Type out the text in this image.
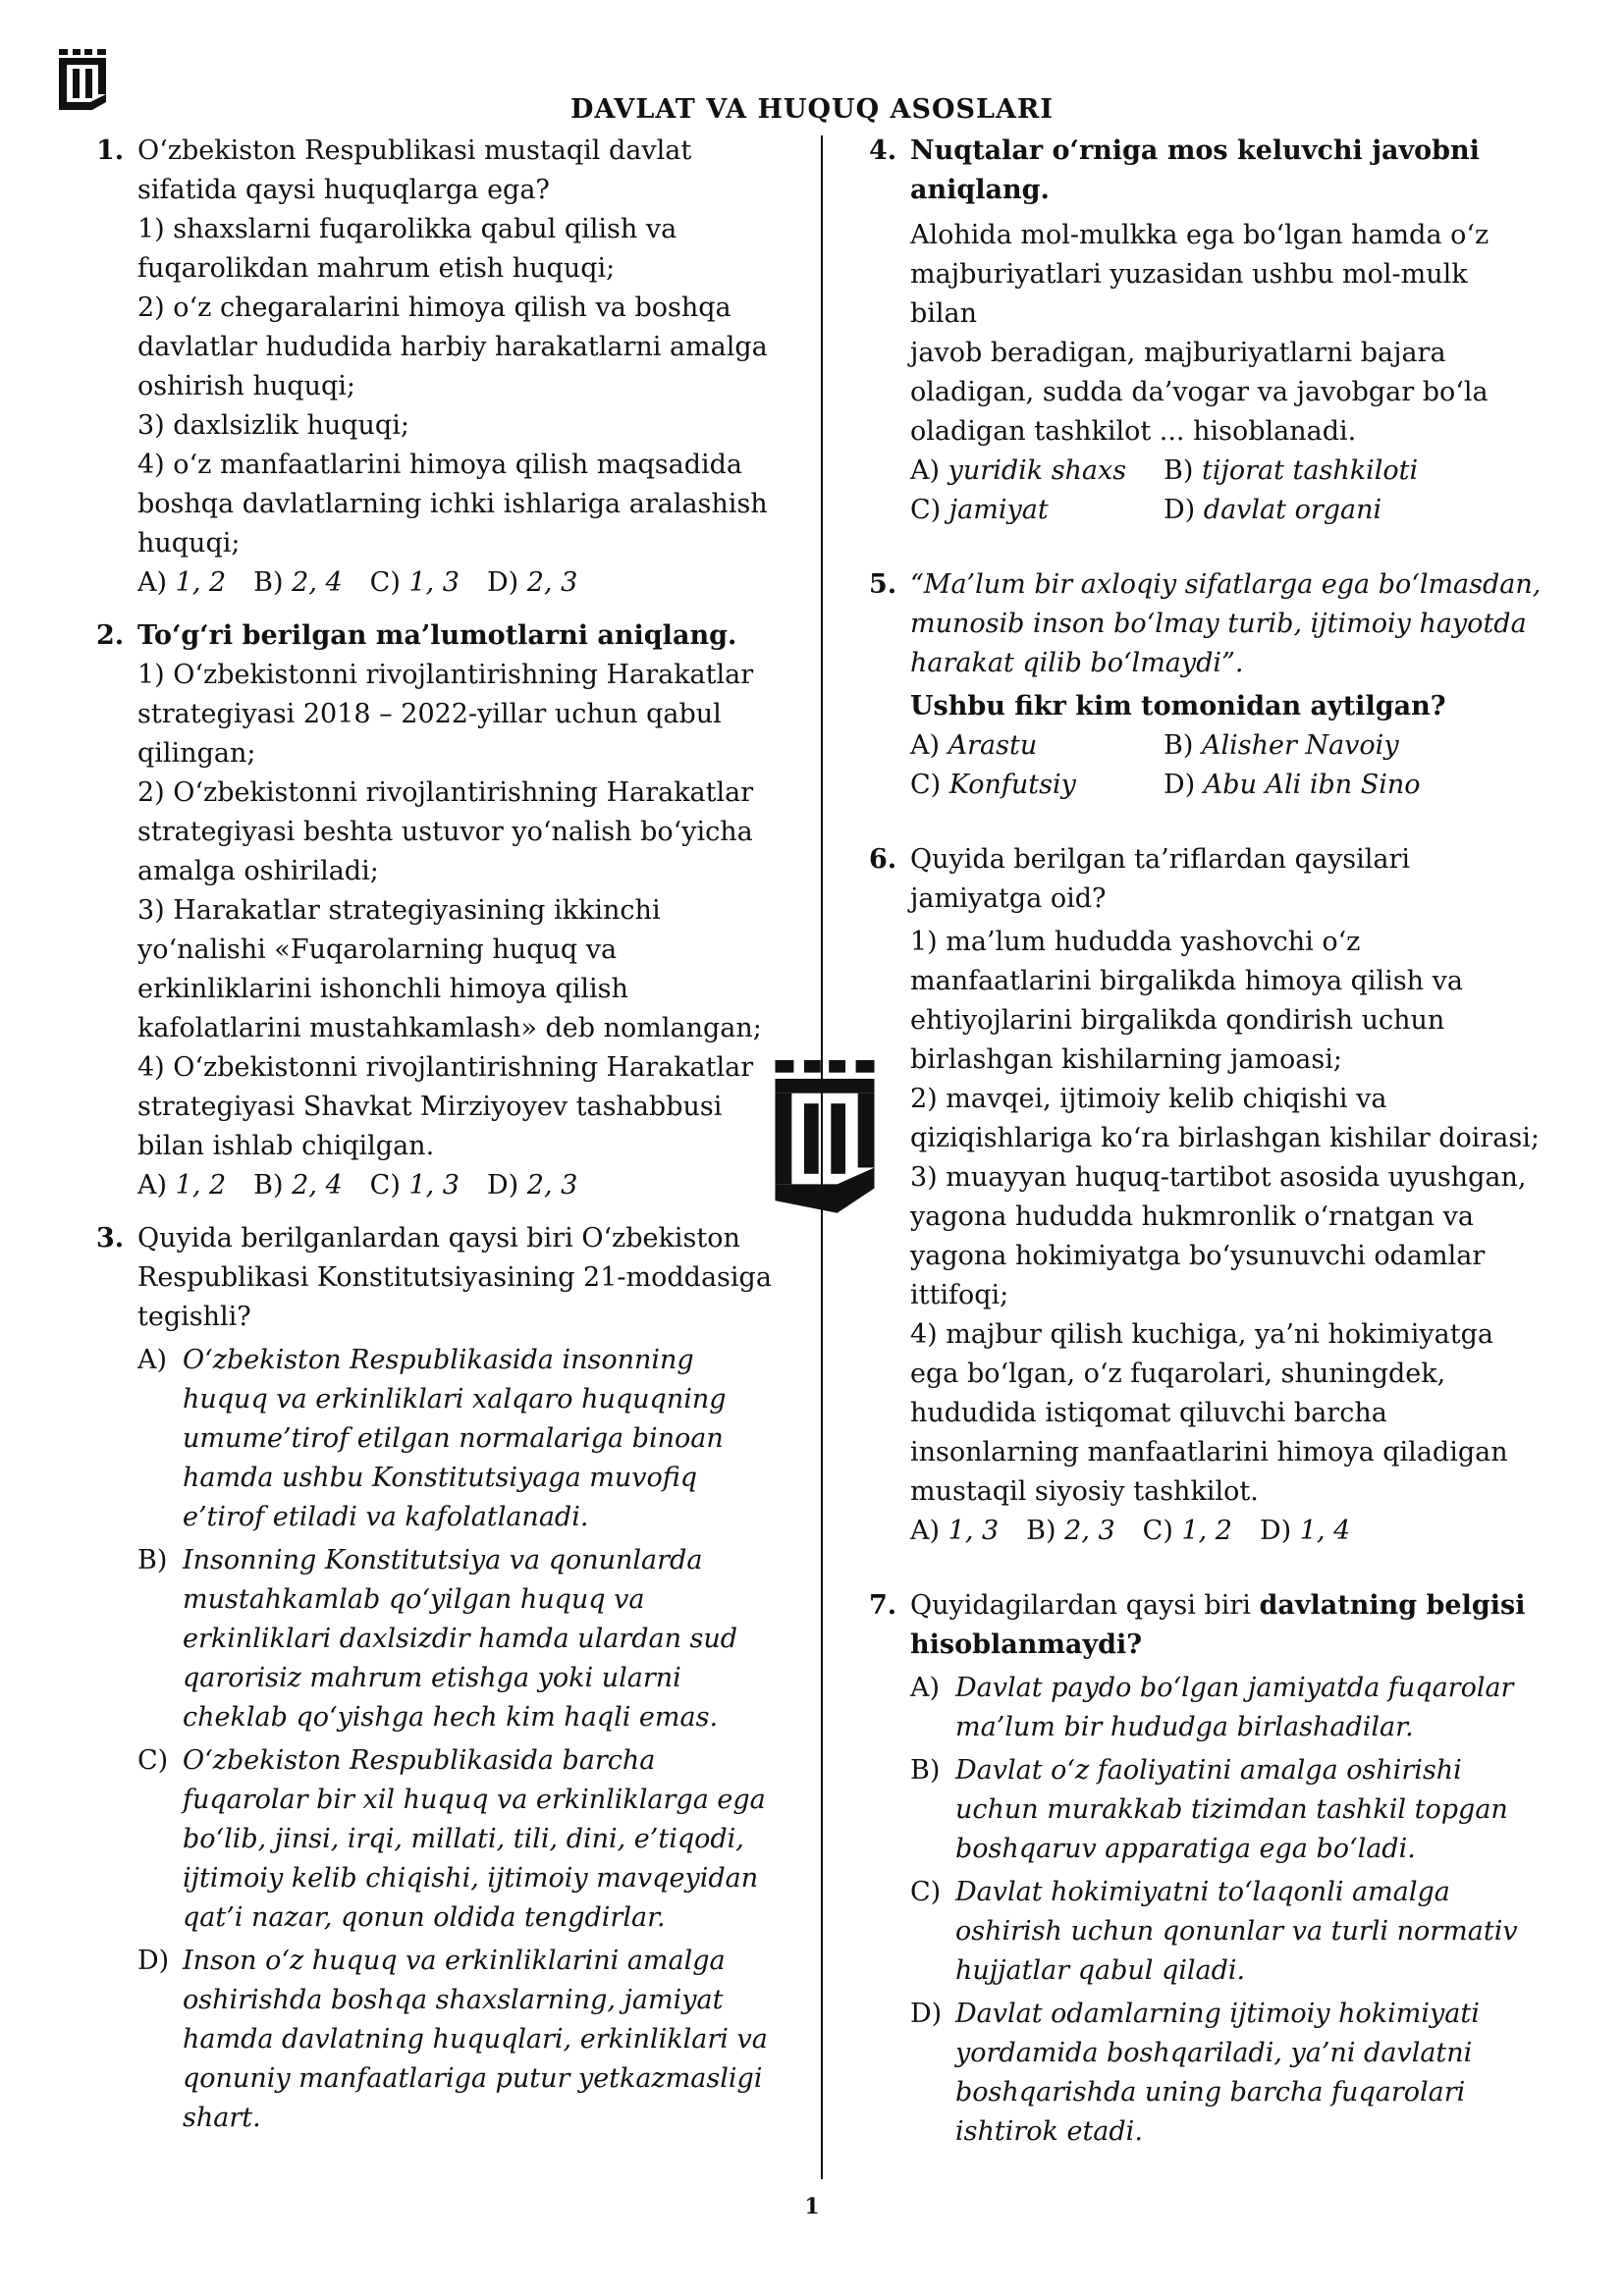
DAVLAT VA HUQUQ ASOSLARI
1. O‘zbekiston Respublikasi mustaqil davlat
sifatida qaysi huquqlarga ega?
1) shaxslarni fuqarolikka qabul qilish va
fuqarolikdan mahrum etish huquqi;
2) o‘z chegaralarini himoya qilish va boshqa
davlatlar hududida harbiy harakatlarni amalga
oshirish huquqi;
3) daxlsizlik huquqi;
4) o‘z manfaatlarini himoya qilish maqsadida
boshqa davlatlarning ichki ishlariga aralashish
huquqi;
A) 1, 2 B) 2, 4 C) 1, 3 D) 2, 3
2. To‘g‘ri berilgan ma’lumotlarni aniqlang.
1) O‘zbekistonni rivojlantirishning Harakatlar
strategiyasi 2018 – 2022-yillar uchun qabul
qilingan;
2) O‘zbekistonni rivojlantirishning Harakatlar
strategiyasi beshta ustuvor yo‘nalish bo‘yicha
amalga oshiriladi;
3) Harakatlar strategiyasining ikkinchi
yo‘nalishi «Fuqarolarning huquq va
erkinliklarini ishonchli himoya qilish
kafolatlarini mustahkamlash» deb nomlangan;
4) O‘zbekistonni rivojlantirishning Harakatlar
strategiyasi Shavkat Mirziyoyev tashabbusi
bilan ishlab chiqilgan.
A) 1, 2 B) 2, 4 C) 1, 3 D) 2, 3
3. Quyida berilganlardan qaysi biri O‘zbekiston
Respublikasi Konstitutsiyasining 21-moddasiga
tegishli?
A) O‘zbekiston Respublikasida insonning
huquq va erkinliklari xalqaro huquqning
umume’tirof etilgan normalariga binoan
hamda ushbu Konstitutsiyaga muvofiq
e’tirof etiladi va kafolatlanadi.
B) Insonning Konstitutsiya va qonunlarda
mustahkamlab qo‘yilgan huquq va
erkinliklari daxlsizdir hamda ulardan sud
qarorisiz mahrum etishga yoki ularni
cheklab qo‘yishga hech kim haqli emas.
C) O‘zbekiston Respublikasida barcha
fuqarolar bir xil huquq va erkinliklarga ega
bo‘lib, jinsi, irqi, millati, tili, dini, e’tiqodi,
ijtimoiy kelib chiqishi, ijtimoiy mavqeyidan
qat’i nazar, qonun oldida tengdirlar.
D) Inson o‘z huquq va erkinliklarini amalga
oshirishda boshqa shaxslarning, jamiyat
hamda davlatning huquqlari, erkinliklari va
qonuniy manfaatlariga putur yetkazmasligi
shart.
4. Nuqtalar o‘rniga mos keluvchi javobni
aniqlang.
Alohida mol-mulkka ega bo‘lgan hamda o‘z
majburiyatlari yuzasidan ushbu mol-mulk bilan
javob beradigan, majburiyatlarni bajara
oladigan, sudda da’vogar va javobgar bo‘la
oladigan tashkilot ... hisoblanadi.
A) yuridik shaxs	B) tijorat tashkiloti
C) jamiyat	D) davlat organi
5. “Ma’lum bir axloqiy sifatlarga ega bo‘lmasdan,
munosib inson bo‘lmay turib, ijtimoiy hayotda
harakat qilib bo‘lmaydi”.
Ushbu fikr kim tomonidan aytilgan?
A) Arastu	B) Alisher Navoiy
C) Konfutsiy	D) Abu Ali ibn Sino
6. Quyida berilgan ta’riflardan qaysilari
jamiyatga oid?
1) ma’lum hududda yashovchi o‘z
manfaatlarini birgalikda himoya qilish va
ehtiyojlarini birgalikda qondirish uchun
birlashgan kishilarning jamoasi;
2) mavqei, ijtimoiy kelib chiqishi va
qiziqishlariga ko‘ra birlashgan kishilar doirasi;
3) muayyan huquq-tartibot asosida uyushgan,
yagona hududda hukmronlik o‘rnatgan va
yagona hokimiyatga bo‘ysunuvchi odamlar
ittifoqi;
4) majbur qilish kuchiga, ya’ni hokimiyatga
ega bo‘lgan, o‘z fuqarolari, shuningdek,
hududida istiqomat qiluvchi barcha
insonlarning manfaatlarini himoya qiladigan
mustaqil siyosiy tashkilot.
A) 1, 3 B) 2, 3 C) 1, 2 D) 1, 4
7. Quyidagilardan qaysi biri davlatning belgisi
hisoblanmaydi?
A) Davlat paydo bo‘lgan jamiyatda fuqarolar
ma’lum bir hududga birlashadilar.
B) Davlat o‘z faoliyatini amalga oshirishi
uchun murakkab tizimdan tashkil topgan
boshqaruv apparatiga ega bo‘ladi.
C) Davlat hokimiyatni to‘laqonli amalga
oshirish uchun qonunlar va turli normativ
hujjatlar qabul qiladi.
D) Davlat odamlarning ijtimoiy hokimiyati
yordamida boshqariladi, ya’ni davlatni
boshqarishda uning barcha fuqarolari
ishtirok etadi.
1
